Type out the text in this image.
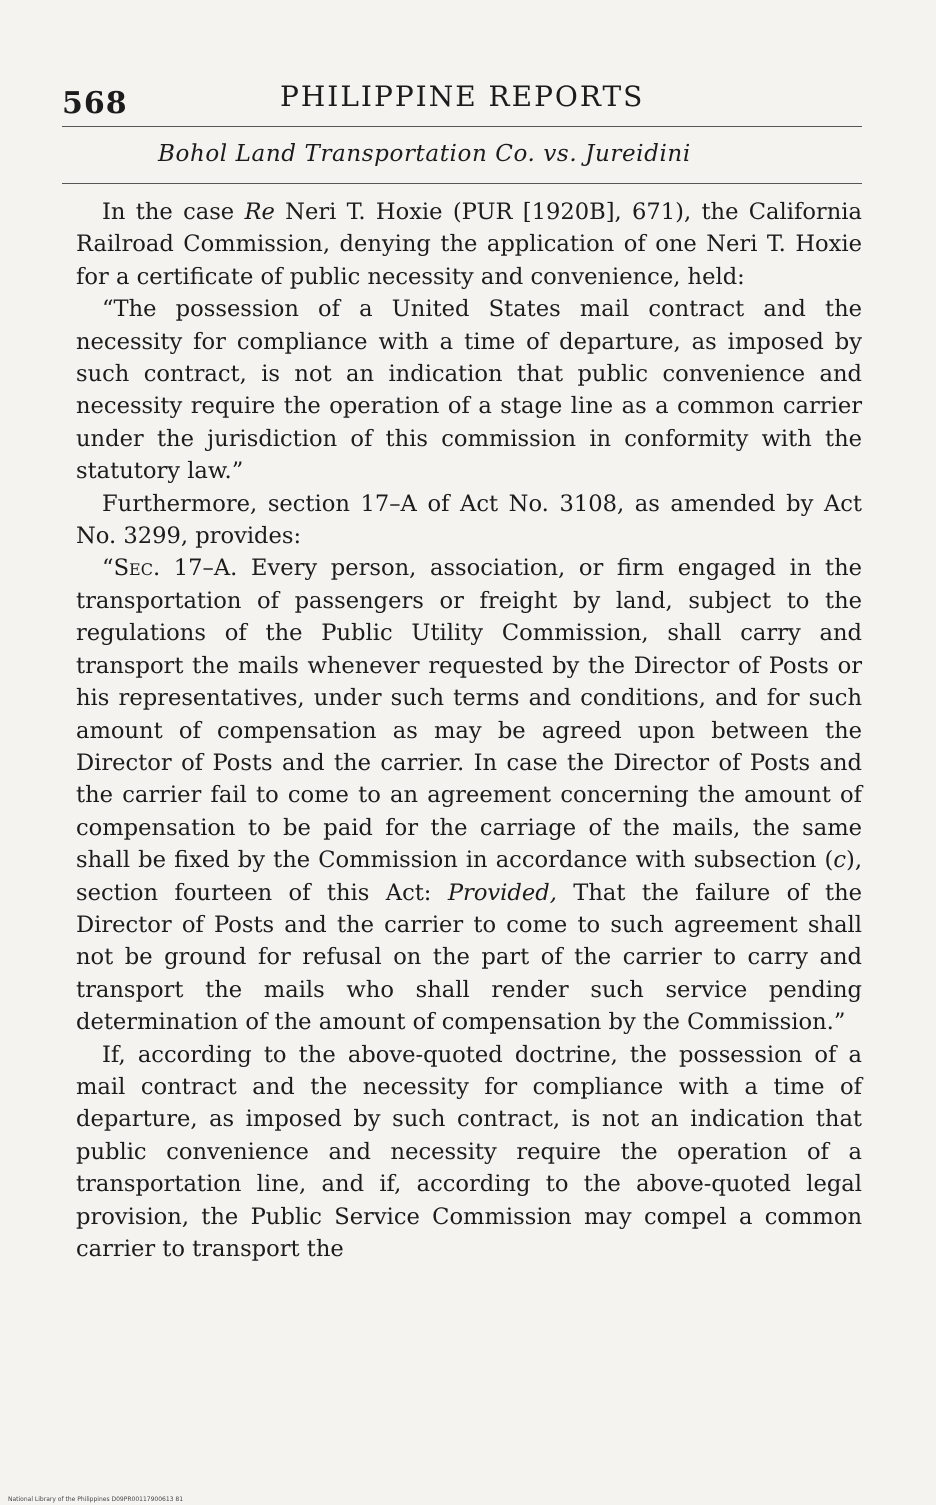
568	PHILIPPINE REPORTS
Bohol Land Transportation Co. vs. Jureidini

In the case Re Neri T. Hoxie (PUR [1920B], 671), the California Railroad Commission, denying the application of one Neri T. Hoxie for a certificate of public necessity and convenience, held:

“The possession of a United States mail contract and the necessity for compliance with a time of departure, as imposed by such contract, is not an indication that public convenience and necessity require the operation of a stage line as a common carrier under the jurisdiction of this commission in conformity with the statutory law.”

Furthermore, section 17–A of Act No. 3108, as amended by Act No. 3299, provides:

“Sec. 17–A. Every person, association, or firm engaged in the transportation of passengers or freight by land, subject to the regulations of the Public Utility Commission, shall carry and transport the mails whenever requested by the Director of Posts or his representatives, under such terms and conditions, and for such amount of compensation as may be agreed upon between the Director of Posts and the carrier. In case the Director of Posts and the carrier fail to come to an agreement concerning the amount of compensation to be paid for the carriage of the mails, the same shall be fixed by the Commission in accordance with subsection (c), section fourteen of this Act: Provided, That the failure of the Director of Posts and the carrier to come to such agreement shall not be ground for refusal on the part of the carrier to carry and transport the mails who shall render such service pending determination of the amount of compensation by the Commission.”

If, according to the above-quoted doctrine, the possession of a mail contract and the necessity for compliance with a time of departure, as imposed by such contract, is not an indication that public convenience and necessity require the operation of a transportation line, and if, according to the above-quoted legal provision, the Public Service Commission may compel a common carrier to transport the

National Library of the Philippines D09PR00117900613 81
